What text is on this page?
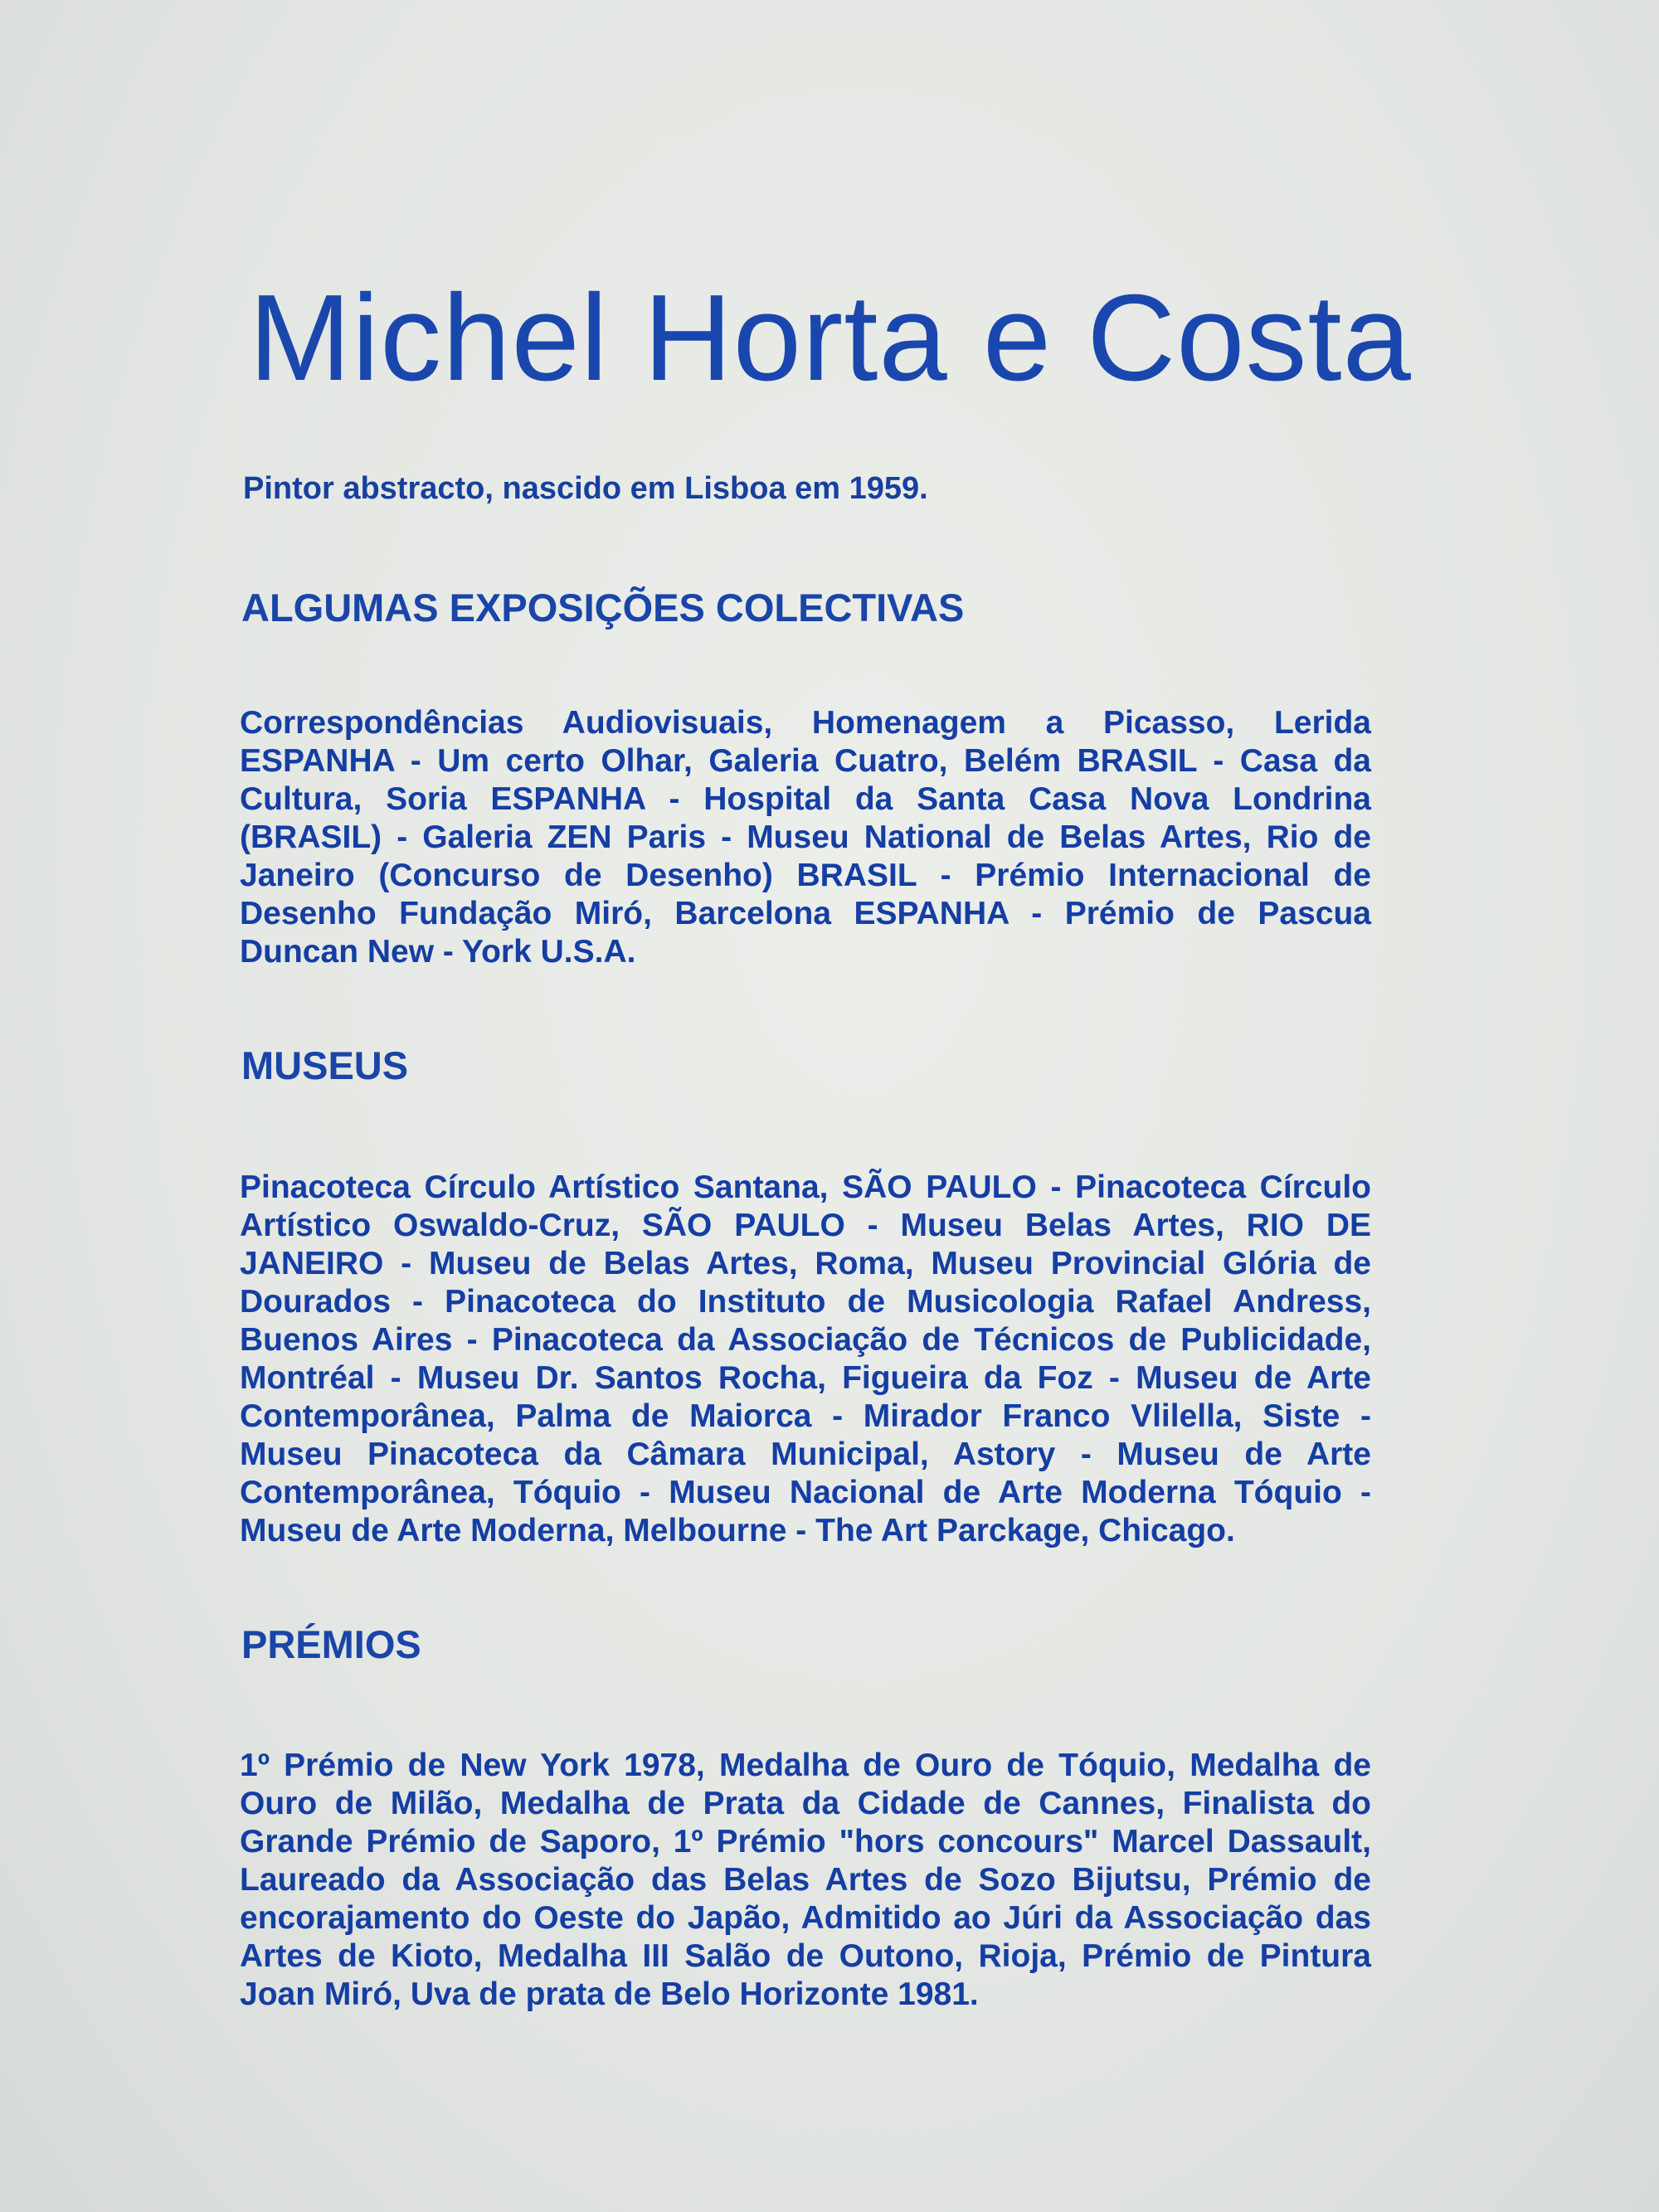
Michel Horta e Costa

Pintor abstracto, nascido em Lisboa em 1959.

ALGUMAS EXPOSIÇÕES COLECTIVAS

Correspondências Audiovisuais, Homenagem a Picasso, Lerida ESPANHA - Um certo Olhar, Galeria Cuatro, Belém BRASIL - Casa da Cultura, Soria ESPANHA - Hospital da Santa Casa Nova Londrina (BRASIL) - Galeria ZEN Paris - Museu National de Belas Artes, Rio de Janeiro (Concurso de Desenho) BRASIL - Prémio Internacional de Desenho Fundação Miró, Barcelona ESPANHA - Prémio de Pascua Duncan New - York U.S.A.

MUSEUS

Pinacoteca Círculo Artístico Santana, SÃO PAULO - Pinacoteca Círculo Artístico Oswaldo-Cruz, SÃO PAULO - Museu Belas Artes, RIO DE JANEIRO - Museu de Belas Artes, Roma, Museu Provincial Glória de Dourados - Pinacoteca do Instituto de Musicologia Rafael Andress, Buenos Aires - Pinacoteca da Associação de Técnicos de Publicidade, Montréal - Museu Dr. Santos Rocha, Figueira da Foz - Museu de Arte Contemporânea, Palma de Maiorca - Mirador Franco Vlilella, Siste - Museu Pinacoteca da Câmara Municipal, Astory - Museu de Arte Contemporânea, Tóquio - Museu Nacional de Arte Moderna Tóquio - Museu de Arte Moderna, Melbourne - The Art Parckage, Chicago.

PRÉMIOS

1º Prémio de New York 1978, Medalha de Ouro de Tóquio, Medalha de Ouro de Milão, Medalha de Prata da Cidade de Cannes, Finalista do Grande Prémio de Saporo, 1º Prémio "hors concours" Marcel Dassault, Laureado da Associação das Belas Artes de Sozo Bijutsu, Prémio de encorajamento do Oeste do Japão, Admitido ao Júri da Associação das Artes de Kioto, Medalha III Salão de Outono, Rioja, Prémio de Pintura Joan Miró, Uva de prata de Belo Horizonte 1981.
